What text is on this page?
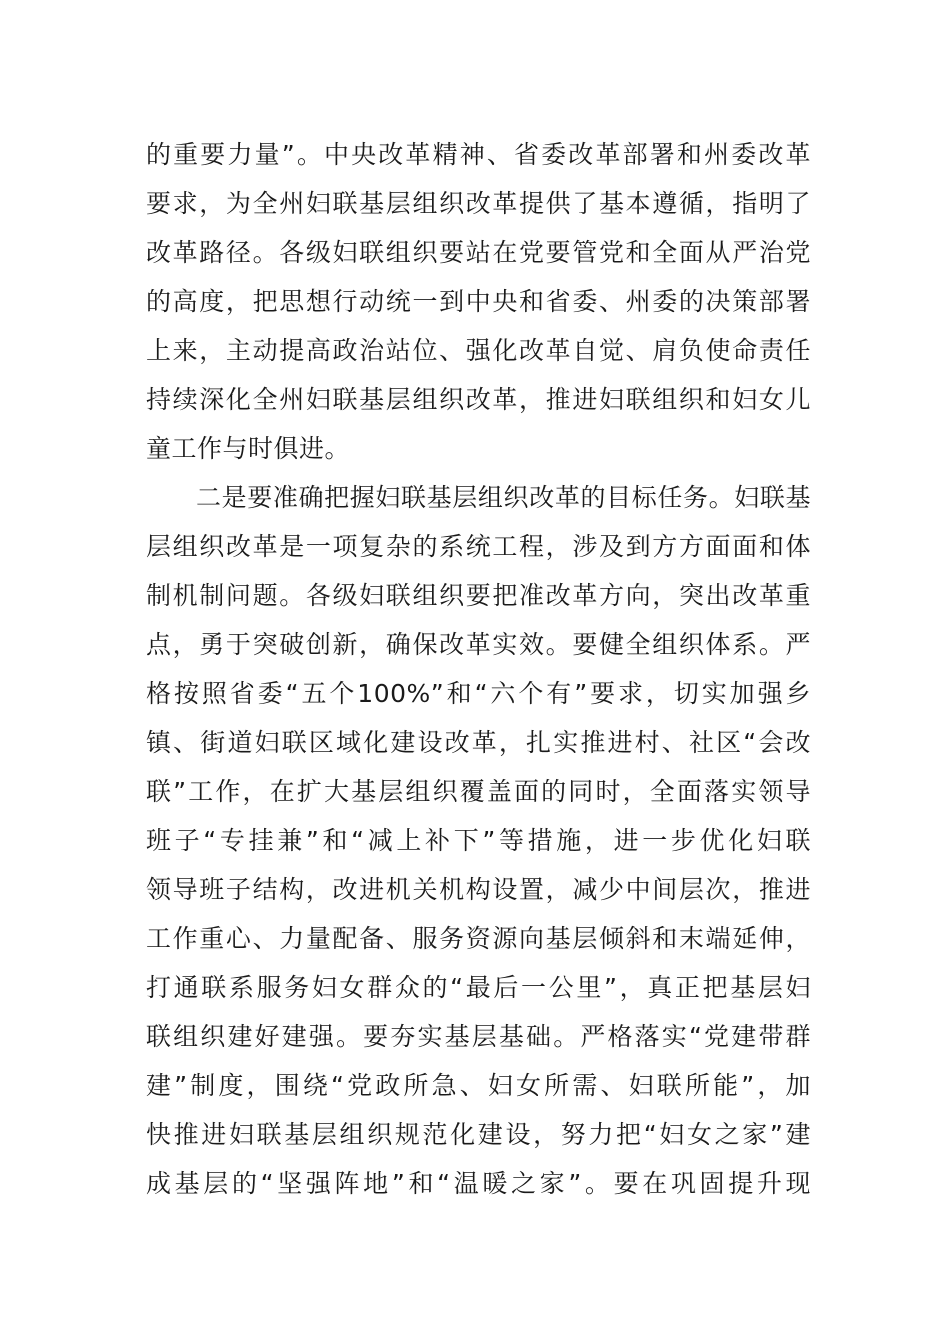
的重要力量”。中央改革精神、省委改革部署和州委改革
要求，为全州妇联基层组织改革提供了基本遵循，指明了
改革路径。各级妇联组织要站在党要管党和全面从严治党
的高度，把思想行动统一到中央和省委、州委的决策部署
上来，主动提高政治站位、强化改革自觉、肩负使命责任
持续深化全州妇联基层组织改革，推进妇联组织和妇女儿
童工作与时俱进。
二是要准确把握妇联基层组织改革的目标任务。妇联基
层组织改革是一项复杂的系统工程，涉及到方方面面和体
制机制问题。各级妇联组织要把准改革方向，突出改革重
点，勇于突破创新，确保改革实效。要健全组织体系。严
格按照省委“五个100%”和“六个有”要求，切实加强乡
镇、街道妇联区域化建设改革，扎实推进村、社区“会改
联”工作，在扩大基层组织覆盖面的同时，全面落实领导
班子“专挂兼”和“减上补下”等措施，进一步优化妇联
领导班子结构，改进机关机构设置，减少中间层次，推进
工作重心、力量配备、服务资源向基层倾斜和末端延伸，
打通联系服务妇女群众的“最后一公里”，真正把基层妇
联组织建好建强。要夯实基层基础。严格落实“党建带群
建”制度，围绕“党政所急、妇女所需、妇联所能”，加
快推进妇联基层组织规范化建设，努力把“妇女之家”建
成基层的“坚强阵地”和“温暖之家”。要在巩固提升现
